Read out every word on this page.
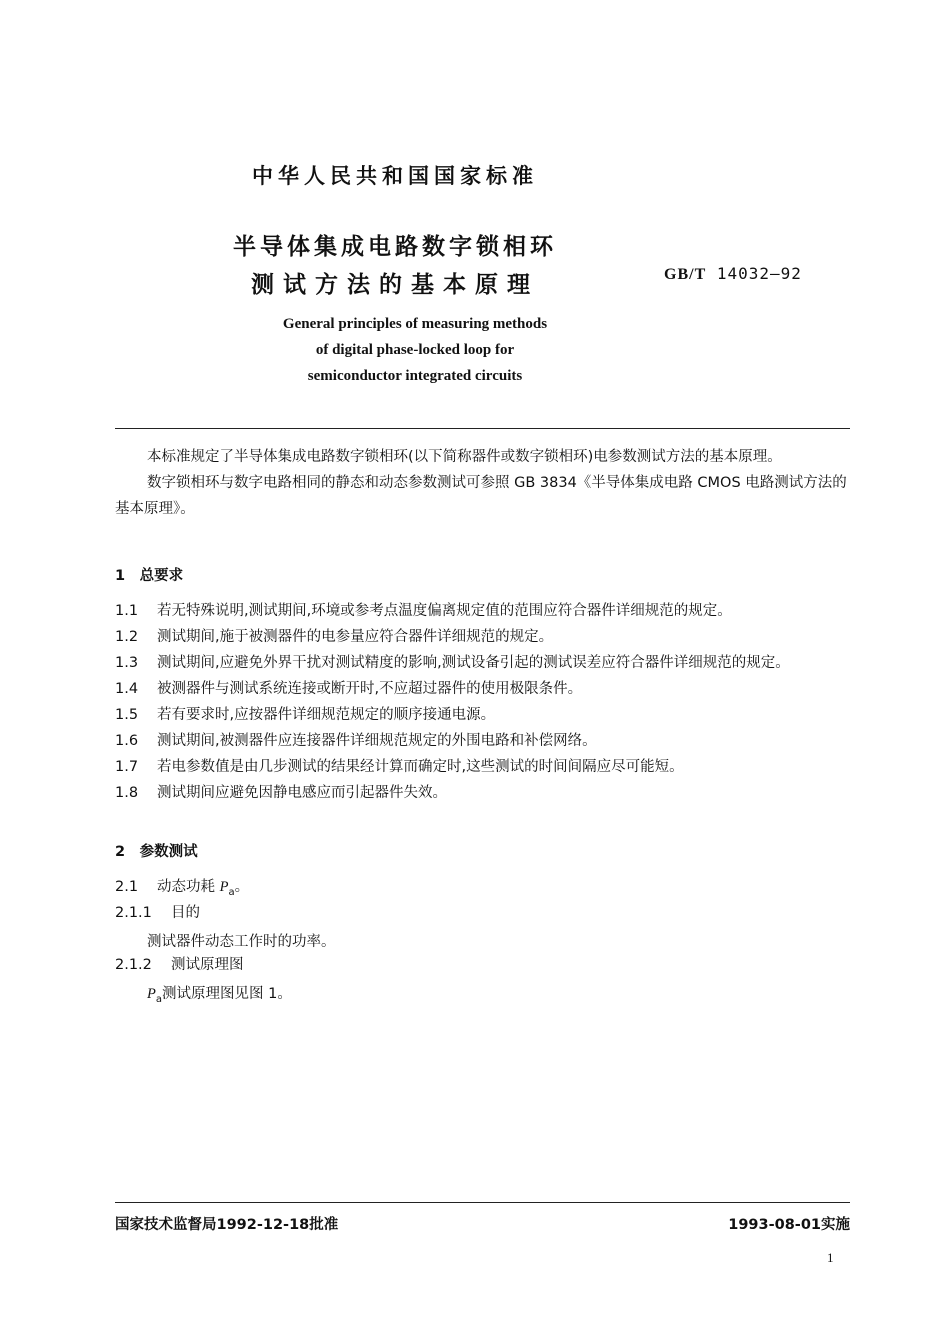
中华人民共和国国家标准
半导体集成电路数字锁相环
测试方法的基本原理	GB/T 14032—92
General principles of measuring methods
of digital phase-locked loop for
semiconductor integrated circuits

本标准规定了半导体集成电路数字锁相环(以下简称器件或数字锁相环)电参数测试方法的基本原理。

数字锁相环与数字电路相同的静态和动态参数测试可参照 GB 3834《半导体集成电路 CMOS 电路测试方法的基本原理》。

1　总要求
1.1 若无特殊说明,测试期间,环境或参考点温度偏离规定值的范围应符合器件详细规范的规定。
1.2 测试期间,施于被测器件的电参量应符合器件详细规范的规定。
1.3 测试期间,应避免外界干扰对测试精度的影响,测试设备引起的测试误差应符合器件详细规范的规定。
1.4 被测器件与测试系统连接或断开时,不应超过器件的使用极限条件。
1.5 若有要求时,应按器件详细规范规定的顺序接通电源。
1.6 测试期间,被测器件应连接器件详细规范规定的外围电路和补偿网络。
1.7 若电参数值是由几步测试的结果经计算而确定时,这些测试的时间间隔应尽可能短。
1.8 测试期间应避免因静电感应而引起器件失效。
2　参数测试
2.1 动态功耗 $P_a$。
2.1.1 目的
测试器件动态工作时的功率。
2.1.2 测试原理图
$P_a$测试原理图见图 1。
国家技术监督局1992-12-18批准	1993-08-01实施
1
